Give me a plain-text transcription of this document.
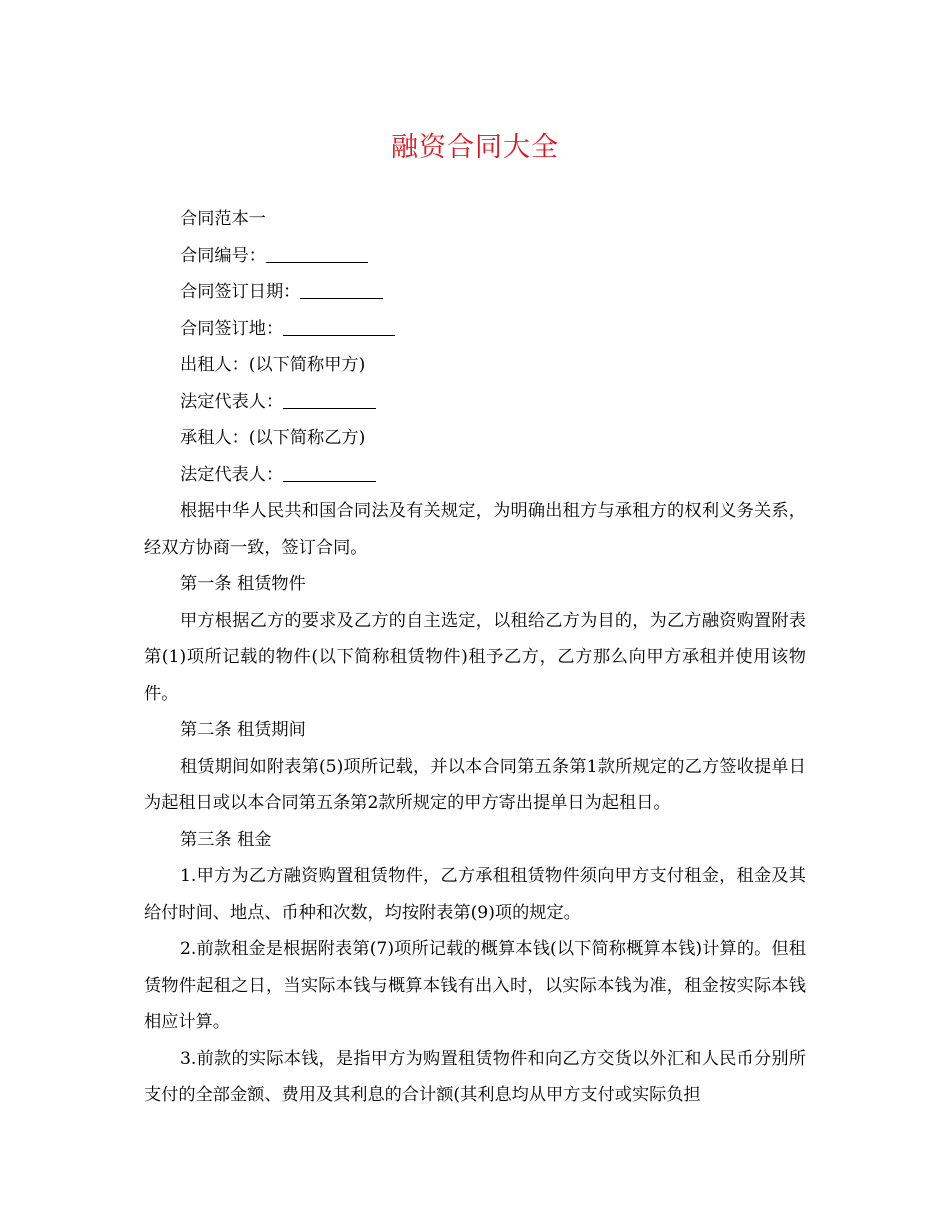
融资合同大全

合同范本一

合同编号：

合同签订日期：

合同签订地：

出租人：(以下简称甲方)

法定代表人：

承租人：(以下简称乙方)

法定代表人：

根据中华人民共和国合同法及有关规定，为明确出租方与承租方的权利义务关系，经双方协商一致，签订合同。

第一条 租赁物件

甲方根据乙方的要求及乙方的自主选定，以租给乙方为目的，为乙方融资购置附表第(1)项所记载的物件(以下简称租赁物件)租予乙方，乙方那么向甲方承租并使用该物件。

第二条 租赁期间

租赁期间如附表第(5)项所记载，并以本合同第五条第1款所规定的乙方签收提单日为起租日或以本合同第五条第2款所规定的甲方寄出提单日为起租日。

第三条 租金

1.甲方为乙方融资购置租赁物件，乙方承租租赁物件须向甲方支付租金，租金及其给付时间、地点、币种和次数，均按附表第(9)项的规定。

2.前款租金是根据附表第(7)项所记载的概算本钱(以下简称概算本钱)计算的。但租赁物件起租之日，当实际本钱与概算本钱有出入时，以实际本钱为准，租金按实际本钱相应计算。

3.前款的实际本钱，是指甲方为购置租赁物件和向乙方交货以外汇和人民币分别所支付的全部金额、费用及其利息的合计额(其利息均从甲方支付或实际负担
